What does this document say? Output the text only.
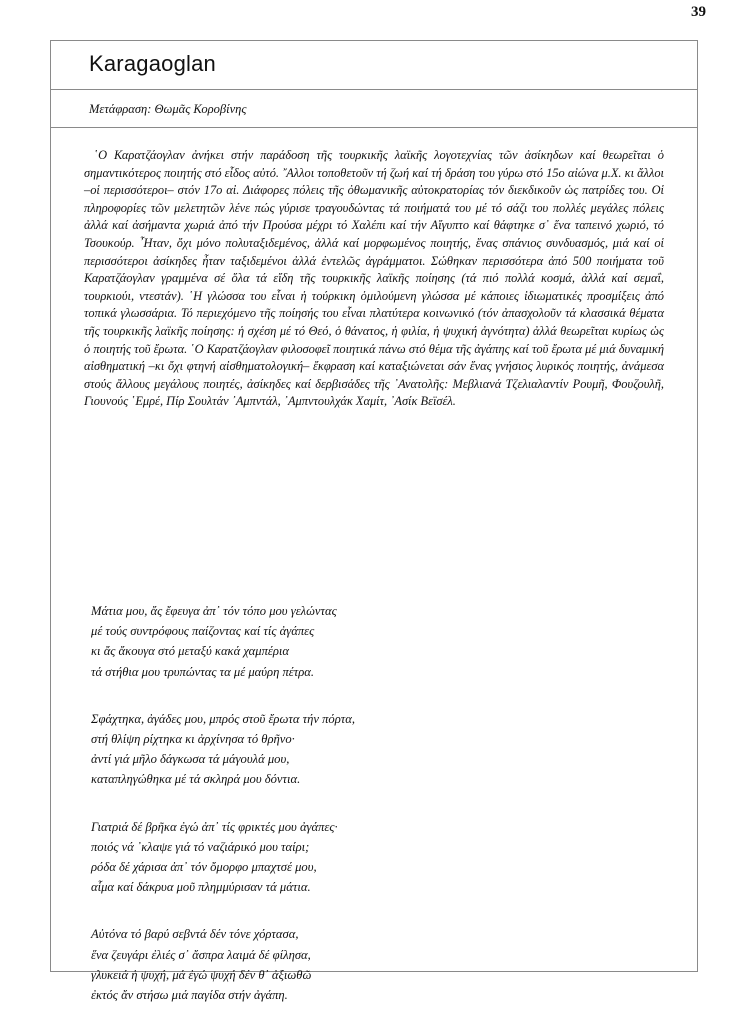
39
Karagaoglan
Μετάφραση: Θωμᾶς Κοροβίνης

῾Ο Καρατζάογλαν ἀνήκει στήν παράδοση τῆς τουρκικῆς λαϊκῆς λογοτεχνίας τῶν ἀσίκηδων καί θεωρεῖται ὁ σημαντικότερος ποιητής στό εἶδος αὐτό. ῎Αλλοι τοποθετοῦν τή ζωή καί τή δράση του γύρω στό 15ο αἰώνα μ.Χ. κι ἄλλοι –οἱ περισσότεροι– στόν 17ο αἰ. Διάφορες πόλεις τῆς ὀθωμανικῆς αὐτοκρατορίας τόν διεκδικοῦν ὡς πατρίδες του. Οἱ πληροφορίες τῶν μελετητῶν λένε πώς γύρισε τραγουδώντας τά ποιήματά του μέ τό σάζι του πολλές μεγάλες πόλεις ἀλλά καί ἀσήμαντα χωριά ἀπό τήν Προύσα μέχρι τό Χαλέπι καί τήν Αἴγυπτο καί θάφτηκε σ᾿ ἕνα ταπεινό χωριό, τό Τσουκούρ. ῏Ηταν, ὄχι μόνο πολυταξιδεμένος, ἀλλά καί μορφωμένος ποιητής, ἕνας σπάνιος συνδυασμός, μιά καί οἱ περισσότεροι ἀσίκηδες ἦταν ταξιδεμένοι ἀλλά ἐντελῶς ἀγράμματοι. Σώθηκαν περισσότερα ἀπό 500 ποιήματα τοῦ Καρατζάογλαν γραμμένα σέ ὅλα τά εἴδη τῆς τουρκικῆς λαϊκῆς ποίησης (τά πιό πολλά κοσμά, ἀλλά καί σεμαΐ, τουρκιούι, ντεστάν). ῾Η γλώσσα του εἶναι ἡ τούρκικη ὁμιλούμενη γλώσσα μέ κάποιες ἰδιωματικές προσμίξεις ἀπό τοπικά γλωσσάρια. Τό περιεχόμενο τῆς ποίησής του εἶναι πλατύτερα κοινωνικό (τόν ἀπασχολοῦν τά κλασσικά θέματα τῆς τουρκικῆς λαϊκῆς ποίησης: ἡ σχέση μέ τό Θεό, ὁ θάνατος, ἡ φιλία, ἡ ψυχική ἀγνότητα) ἀλλά θεωρεῖται κυρίως ὡς ὁ ποιητής τοῦ ἔρωτα. ῾Ο Καρατζάογλαν φιλοσοφεῖ ποιητικά πάνω στό θέμα τῆς ἀγάπης καί τοῦ ἔρωτα μέ μιά δυναμική αἰσθηματική –κι ὄχι φτηνή αἰσθηματολογική– ἔκφραση καί καταξιώνεται σάν ἕνας γνήσιος λυρικός ποιητής, ἀνάμεσα στούς ἄλλους μεγάλους ποιητές, ἀσίκηδες καί δερβισάδες τῆς ᾿Ανατολῆς: Μεβλιανά Τζελιαλαντίν Ρουμῆ, Φουζουλῆ, Γιουνούς ῾Εμρέ, Πίρ Σουλτάν ᾿Αμπντάλ, ᾿Αμπντουλχάκ Χαμίτ, ᾿Ασίκ Βεϊσέλ.

Μάτια μου, ἄς ἔφευγα ἀπ᾿ τόν τόπο μου γελώντας
μέ τούς συντρόφους παίζοντας καί τίς ἀγάπες
κι ἄς ἄκουγα στό μεταξύ κακά χαμπέρια
τά στήθια μου τρυπώντας τα μέ μαύρη πέτρα.
Σφάχτηκα, ἀγάδες μου, μπρός στοῦ ἔρωτα τήν πόρτα,
στή θλίψη ρίχτηκα κι ἀρχίνησα τό θρῆνο·
ἀντί γιά μῆλο δάγκωσα τά μάγουλά μου,
καταπληγώθηκα μέ τά σκληρά μου δόντια.
Γιατριά δέ βρῆκα ἐγώ ἀπ᾿ τίς φρικτές μου ἀγάπες·
ποιός νά ᾿κλαψε γιά τό ναζιάρικό μου ταίρι;
ρόδα δέ χάρισα ἀπ᾿ τόν ὄμορφο μπαχτσέ μου,
αἷμα καί δάκρυα μοῦ πλημμύρισαν τά μάτια.
Αὐτόνα τό βαρύ σεβντά δέν τόνε χόρτασα,
ἕνα ζευγάρι ἐλιές σ᾿ ἄσπρα λαιμά δέ φίλησα,
γλυκειά ἡ ψυχή, μά ἐγώ ψυχή δέν θ᾿ ἀξιωθῶ
ἐκτός ἄν στήσω μιά παγίδα στήν ἀγάπη.
